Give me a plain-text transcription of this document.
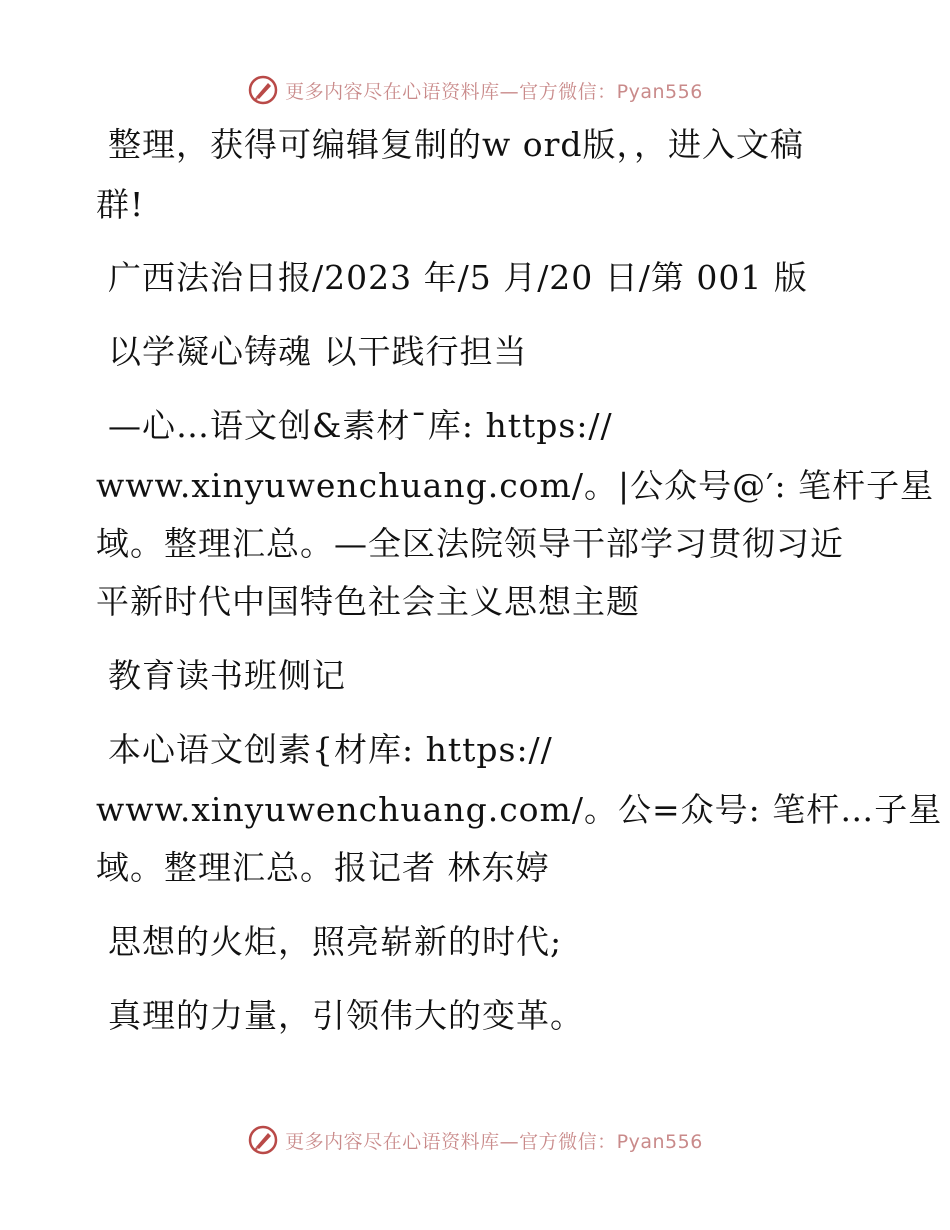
更多内容尽在心语资料库—官方微信：Pyan556
整理，获得可编辑复制的w ord版，，进入文稿
群!
广西法治日报/2023 年/5 月/20 日/第 001 版
以学凝心铸魂 以干践行担当
—心…语文创&素材¯库: https://
www.xinyuwenchuang.com/。|公众号@′: 笔杆子星
域。整理汇总。—全区法院领导干部学习贯彻习近
平新时代中国特色社会主义思想主题
教育读书班侧记
本心语文创素{材库: https://
www.xinyuwenchuang.com/。公=众号: 笔杆…子星
域。整理汇总。报记者 林东婷
思想的火炬，照亮崭新的时代;
真理的力量，引领伟大的变革。
更多内容尽在心语资料库—官方微信：Pyan556
